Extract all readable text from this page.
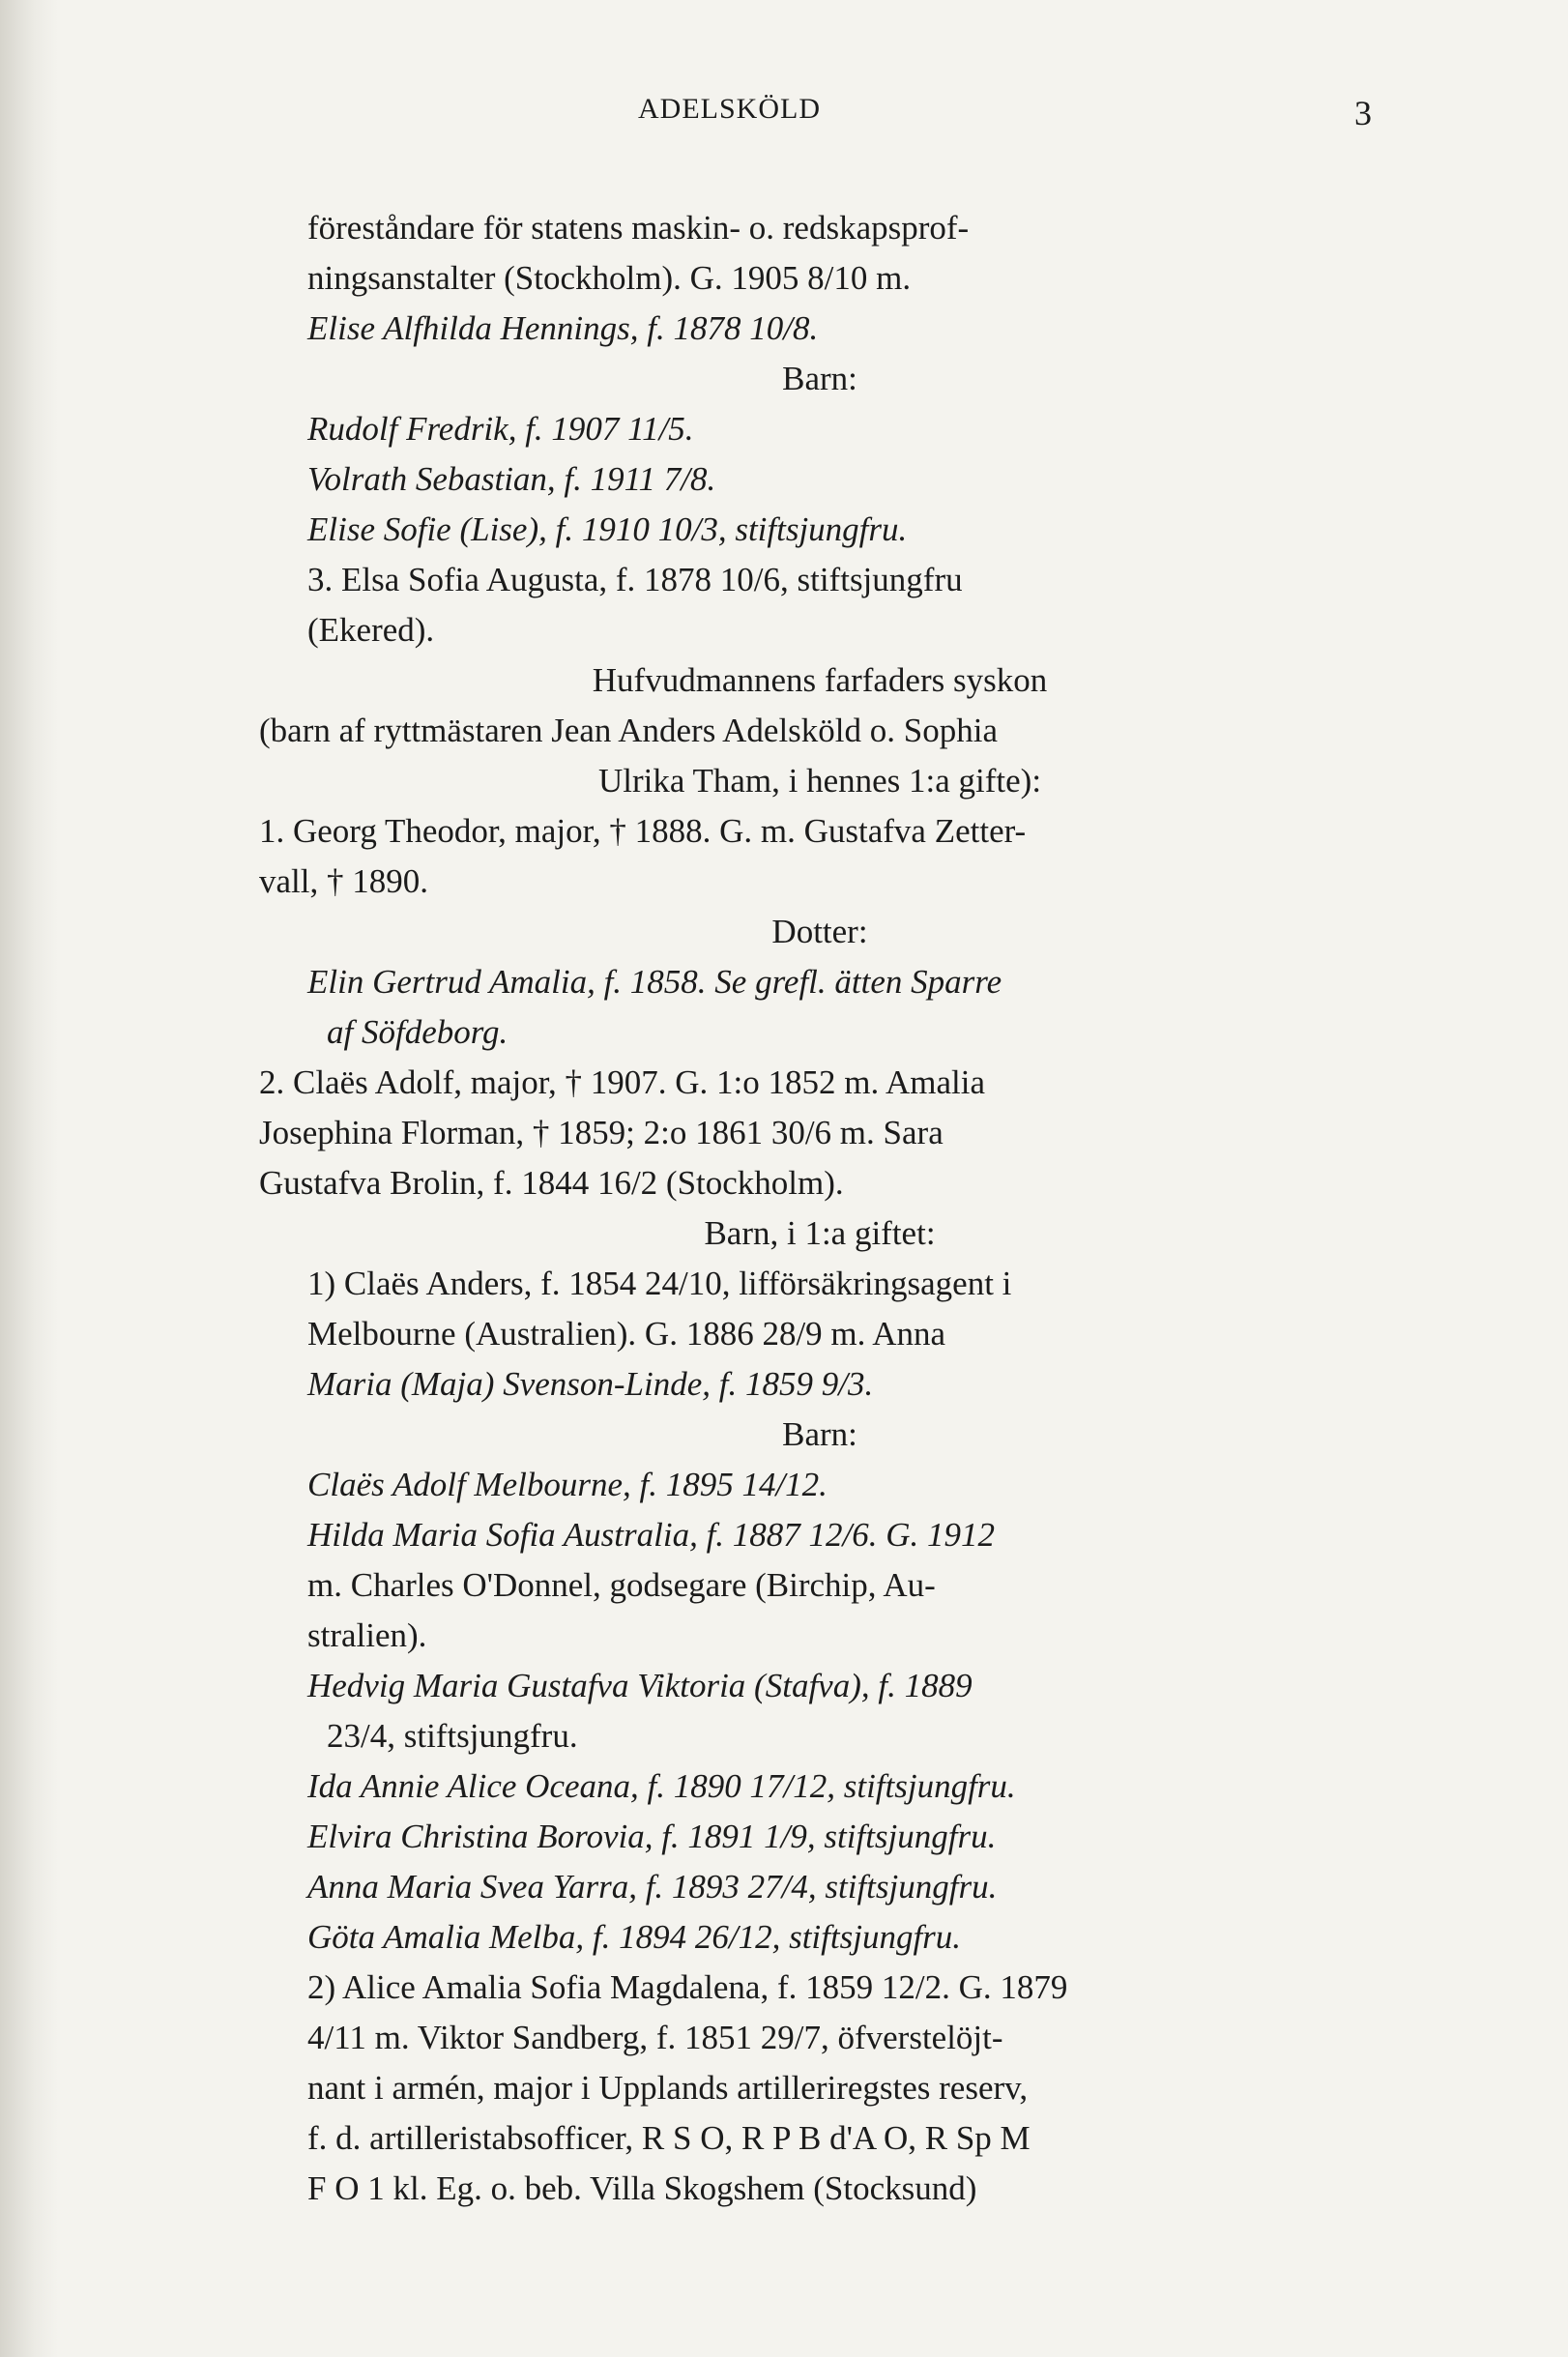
ADELSKÖLD	3
föreståndare för statens maskin- o. redskapsprof-
ningsanstalter (Stockholm). G. 1905 8/10 m.
Elise Alfhilda Hennings, f. 1878 10/8.
Barn:
Rudolf Fredrik, f. 1907 11/5.
Volrath Sebastian, f. 1911 7/8.
Elise Sofie (Lise), f. 1910 10/3, stiftsjungfru.
3. Elsa Sofia Augusta, f. 1878 10/6, stiftsjungfru
(Ekered).
Hufvudmannens farfaders syskon
(barn af ryttmästaren Jean Anders Adelsköld o. Sophia
Ulrika Tham, i hennes 1:a gifte):
1. Georg Theodor, major, † 1888. G. m. Gustafva Zetter-
vall, † 1890.
Dotter:
Elin Gertrud Amalia, f. 1858. Se grefl. ätten Sparre
af Söfdeborg.
2. Claës Adolf, major, † 1907. G. 1:o 1852 m. Amalia
Josephina Florman, † 1859; 2:o 1861 30/6 m. Sara
Gustafva Brolin, f. 1844 16/2 (Stockholm).
Barn, i 1:a giftet:
1) Claës Anders, f. 1854 24/10, lifförsäkringsagent i
Melbourne (Australien). G. 1886 28/9 m. Anna
Maria (Maja) Svenson-Linde, f. 1859 9/3.
Barn:
Claës Adolf Melbourne, f. 1895 14/12.
Hilda Maria Sofia Australia, f. 1887 12/6. G. 1912
m. Charles O'Donnel, godsegare (Birchip, Au-
stralien).
Hedvig Maria Gustafva Viktoria (Stafva), f. 1889
23/4, stiftsjungfru.
Ida Annie Alice Oceana, f. 1890 17/12, stiftsjungfru.
Elvira Christina Borovia, f. 1891 1/9, stiftsjungfru.
Anna Maria Svea Yarra, f. 1893 27/4, stiftsjungfru.
Göta Amalia Melba, f. 1894 26/12, stiftsjungfru.
2) Alice Amalia Sofia Magdalena, f. 1859 12/2. G. 1879
4/11 m. Viktor Sandberg, f. 1851 29/7, öfverstelöjt-
nant i armén, major i Upplands artilleriregstes reserv,
f. d. artilleristabsofficer, R S O, R P B d'A O, R Sp M
F O 1 kl. Eg. o. beb. Villa Skogshem (Stocksund)
